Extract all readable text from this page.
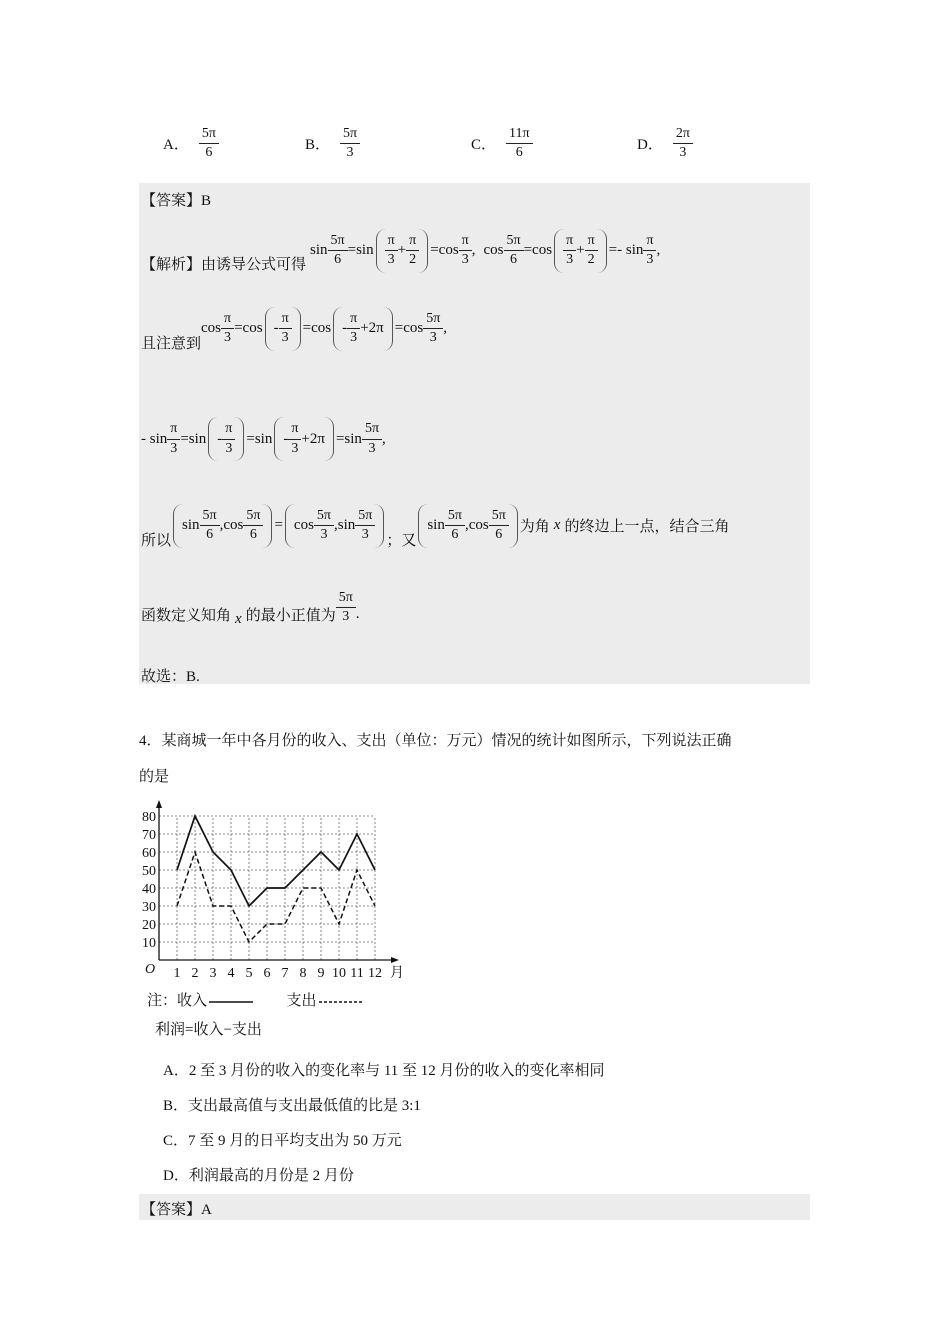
A． $\frac{5\pi}{6}$	B． $\frac{5\pi}{3}$	C． $\frac{11\pi}{6}$	D． $\frac{2\pi}{3}$
【答案】B
【解析】由诱导公式可得
$\sin \frac{5\pi}{6} =\sin \frac{\pi}{3} + \frac{\pi}{2} =\cos \frac{\pi}{3}$ , $\cos \frac{5\pi}{6} =\cos \frac{\pi}{3} + \frac{\pi}{2} =- \sin \frac{\pi}{3}$ ,
且注意到
$\cos \frac{\pi}{3} =\cos - \frac{\pi}{3} =\cos - \frac{\pi}{3} +2\pi =\cos \frac{5\pi}{3}$ ,
- $\sin \frac{\pi}{3} =\sin - \frac{\pi}{3} =\sin - \frac{\pi}{3} +2\pi =\sin \frac{5\pi}{3}$ ,
所以
$\sin \frac{5\pi}{6} ,\cos \frac{5\pi}{6} = \cos \frac{5\pi}{3} ,\sin \frac{5\pi}{3}$ ；又
$\sin \frac{5\pi}{6} ,\cos \frac{5\pi}{6}$ 为角 x 的终边上一点，结合三角
函数定义知角 x 的最小正值为 $\frac{5\pi}{3}$ .
故选：B.
4．某商城一年中各月份的收入、支出（单位：万元）情况的统计如图所示，下列说法正确
的是
80
70
60
50
40
30
20
10
1 2 3 4 5 6 7 8 9 10 11 12
O	月
注：收入	支出
利润=收入−支出
A．2 至 3 月份的收入的变化率与 11 至 12 月份的收入的变化率相同
B．支出最高值与支出最低值的比是 3:1
C．7 至 9 月的日平均支出为 50 万元
D．利润最高的月份是 2 月份
【答案】A
